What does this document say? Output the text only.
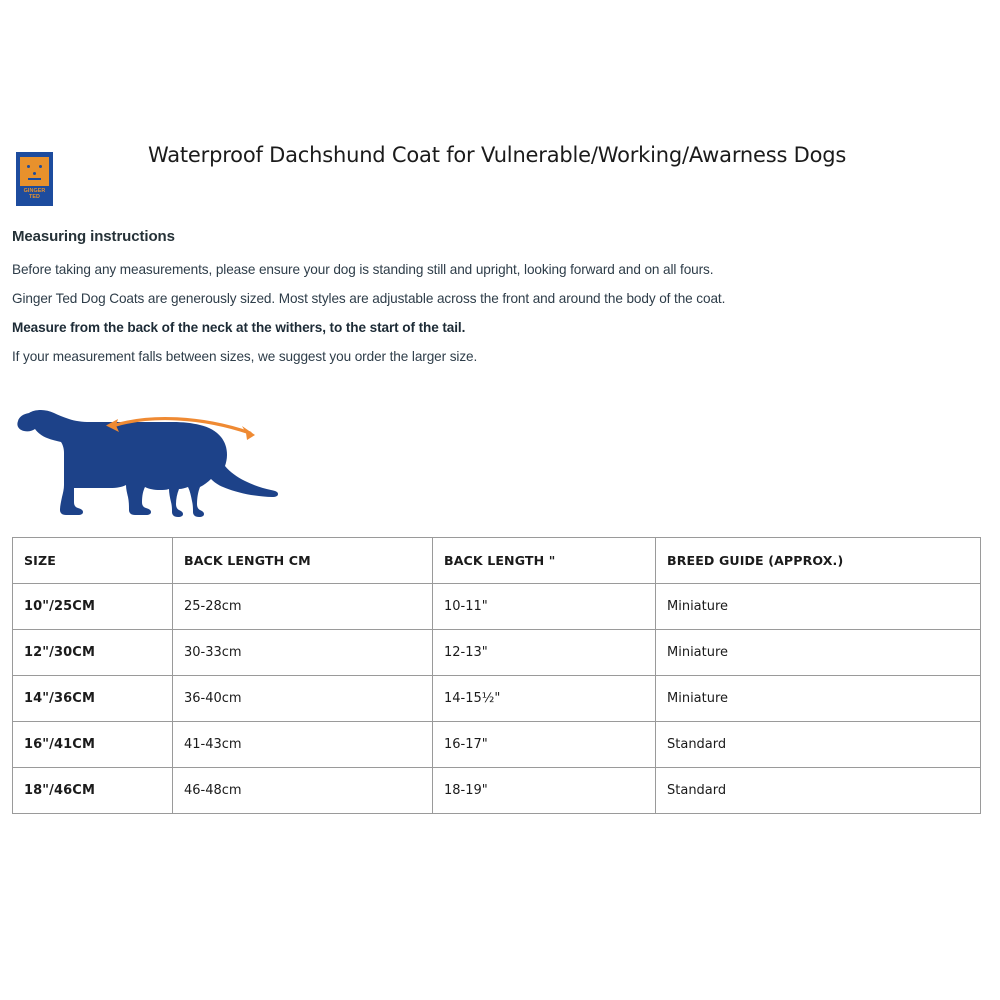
GINGER
TED
Waterproof Dachshund Coat for Vulnerable/Working/Awarness Dogs
Measuring instructions
Before taking any measurements, please ensure your dog is standing still and upright, looking forward and on all fours.
Ginger Ted Dog Coats are generously sized. Most styles are adjustable across the front and around the body of the coat.
Measure from the back of the neck at the withers, to the start of the tail.
If your measurement falls between sizes, we suggest you order the larger size.
SIZE	BACK LENGTH CM	BACK LENGTH "	BREED GUIDE (APPROX.)
10"/25CM	25-28cm	10-11"	Miniature
12"/30CM	30-33cm	12-13"	Miniature
14"/36CM	36-40cm	14-15½"	Miniature
16"/41CM	41-43cm	16-17"	Standard
18"/46CM	46-48cm	18-19"	Standard
